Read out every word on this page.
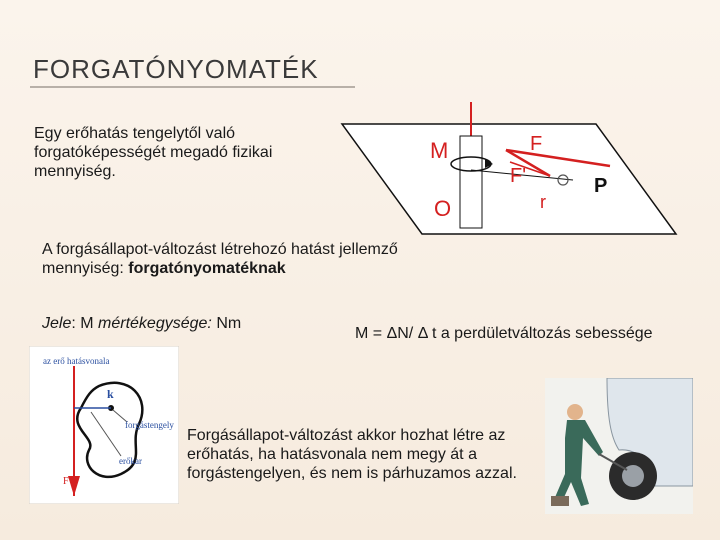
FORGATÓNYOMATÉK
Egy erőhatás tengelytől való forgatóképességét megadó fizikai mennyiség.
M	F
F'
O	r
P
A forgásállapot-változást létrehozó hatást jellemző mennyiség: forgatónyomatéknak
Jele: M mértékegysége: Nm
M = ΔN/ Δ t a perdületváltozás sebessége
az erő hatásvonala
k
forgástengely
erőkar
F
Forgásállapot-változást akkor hozhat létre az erőhatás, ha hatásvonala nem megy át a forgástengelyen, és nem is párhuzamos azzal.
